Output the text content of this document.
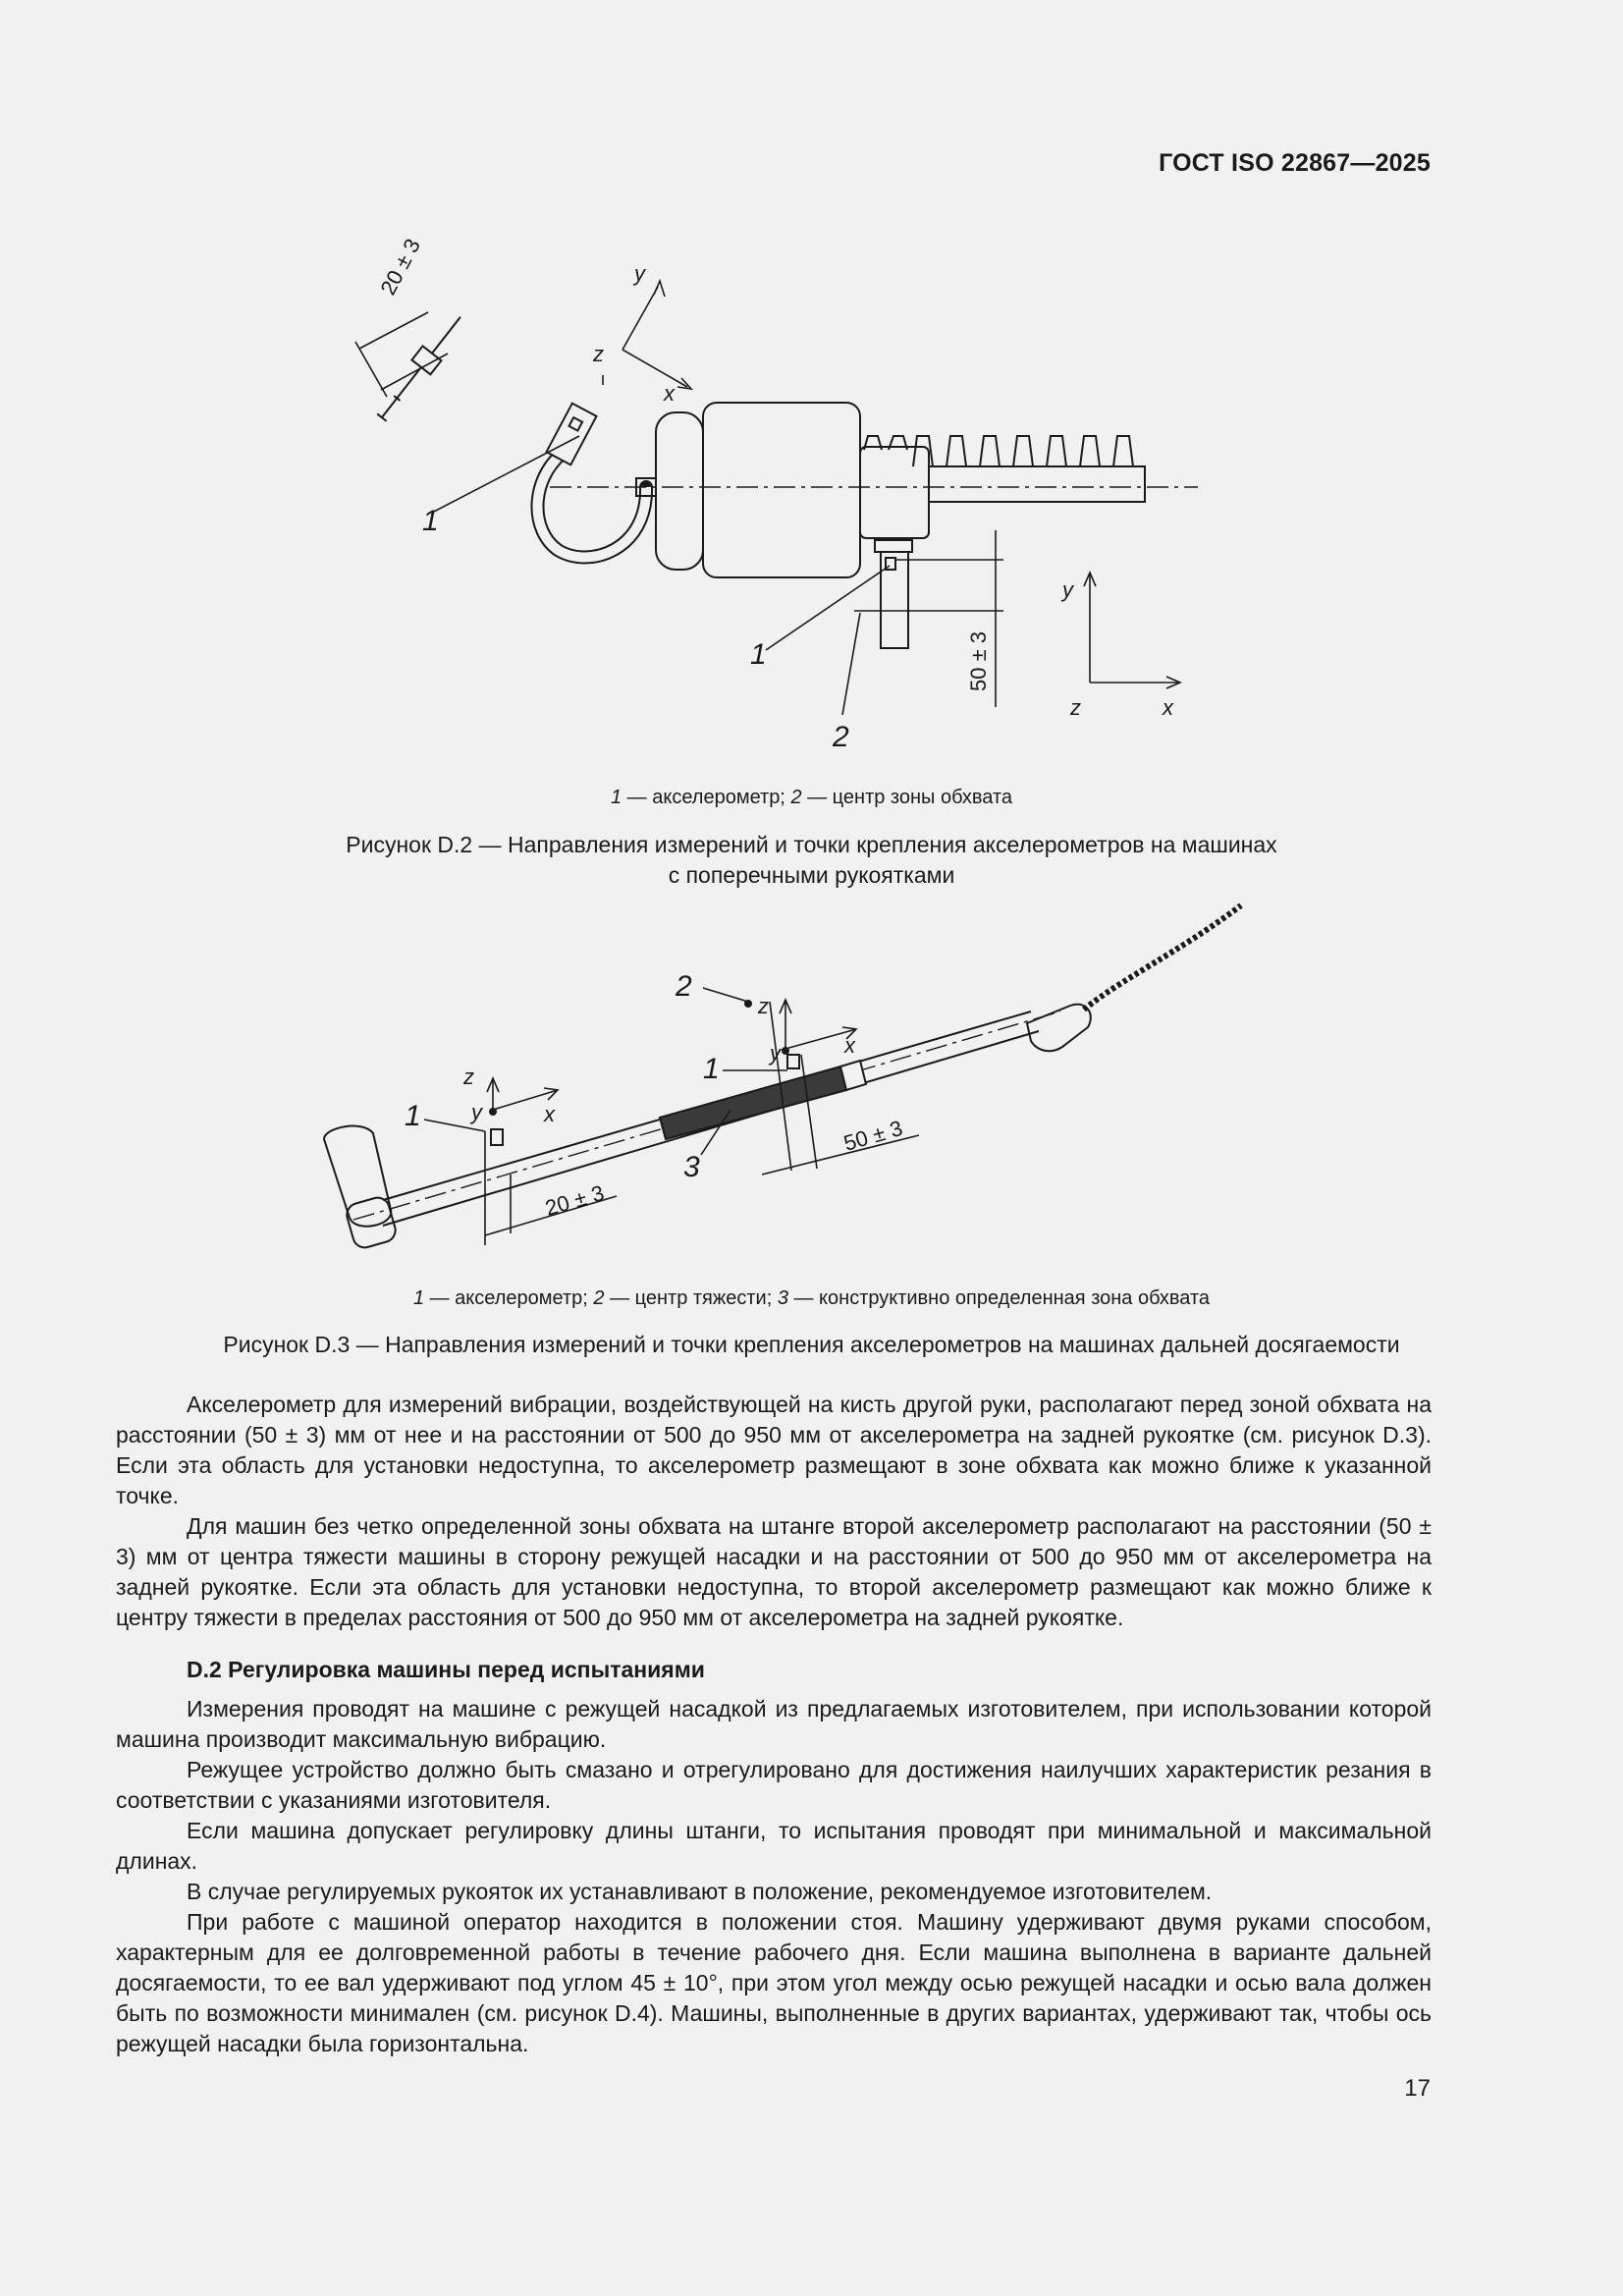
ГОСТ ISO 22867—2025
20 ± 3	y
z
x
1
1
2
50 ± 3
y
z	x
1 — акселерометр; 2 — центр зоны обхвата
Рисунок D.2 — Направления измерений и точки крепления акселерометров на машинах
с поперечными рукоятками
2
z
y	x
1
z
y	x
1
3
50 ± 3
20 ± 3
1 — акселерометр; 2 — центр тяжести; 3 — конструктивно определенная зона обхвата
Рисунок D.3 — Направления измерений и точки крепления акселерометров на машинах дальней досягаемости

Акселерометр для измерений вибрации, воздействующей на кисть другой руки, располагают перед зоной обхвата на расстоянии (50 ± 3) мм от нее и на расстоянии от 500 до 950 мм от акселерометра на задней рукоятке (см. рисунок D.3). Если эта область для установки недоступна, то акселерометр размещают в зоне обхвата как можно ближе к указанной точке.

Для машин без четко определенной зоны обхвата на штанге второй акселерометр располагают на расстоянии (50 ± 3) мм от центра тяжести машины в сторону режущей насадки и на расстоянии от 500 до 950 мм от акселерометра на задней рукоятке. Если эта область для установки недоступна, то второй акселерометр размещают как можно ближе к центру тяжести в пределах расстояния от 500 до 950 мм от акселерометра на задней рукоятке.

D.2 Регулировка машины перед испытаниями

Измерения проводят на машине с режущей насадкой из предлагаемых изготовителем, при использовании которой машина производит максимальную вибрацию.

Режущее устройство должно быть смазано и отрегулировано для достижения наилучших характеристик резания в соответствии с указаниями изготовителя.

Если машина допускает регулировку длины штанги, то испытания проводят при минимальной и максимальной длинах.

В случае регулируемых рукояток их устанавливают в положение, рекомендуемое изготовителем.

При работе с машиной оператор находится в положении стоя. Машину удерживают двумя руками способом, характерным для ее долговременной работы в течение рабочего дня. Если машина выполнена в варианте дальней досягаемости, то ее вал удерживают под углом 45 ± 10°, при этом угол между осью режущей насадки и осью вала должен быть по возможности минимален (см. рисунок D.4). Машины, выполненные в других вариантах, удерживают так, чтобы ось режущей насадки была горизонтальна.

17
